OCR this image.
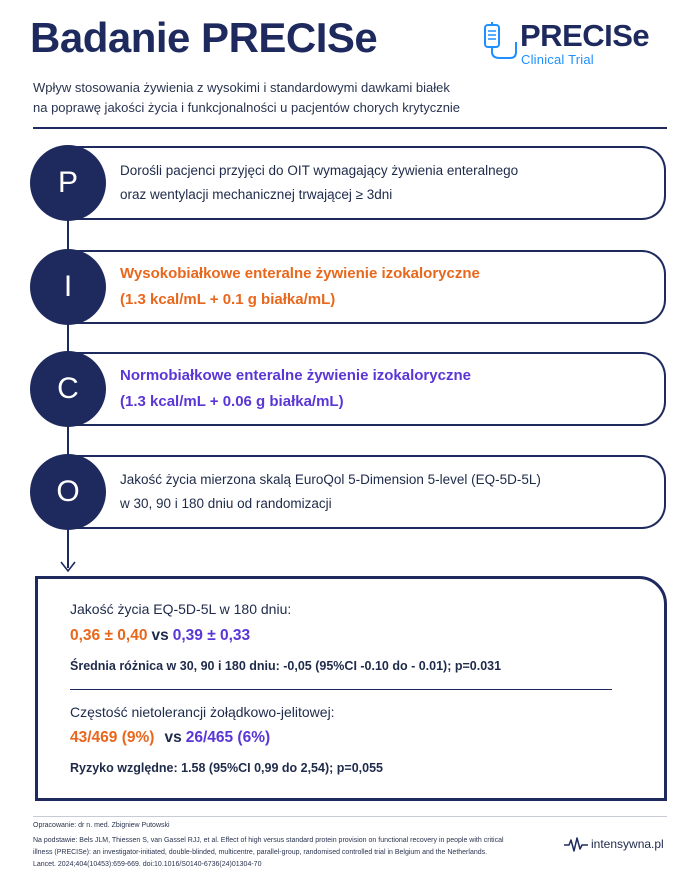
Badanie PRECISe	PRECISe
Clinical Trial
Wpływ stosowania żywienia z wysokimi i standardowymi dawkami białek
na poprawę jakości życia i funkcjonalności u pacjentów chorych krytycznie
Dorośli pacjenci przyjęci do OIT wymagający żywienia enteralnego
oraz wentylacji mechanicznej trwającej ≥ 3dni
P
Wysokobiałkowe enteralne żywienie izokaloryczne
(1.3 kcal/mL + 0.1 g białka/mL)
I
Normobiałkowe enteralne żywienie izokaloryczne
(1.3 kcal/mL + 0.06 g białka/mL)
C
Jakość życia mierzona skalą EuroQol 5-Dimension 5-level (EQ-5D-5L)
w 30, 90 i 180 dniu od randomizacji
O
Jakość życia EQ-5D-5L w 180 dniu:
0,36 ± 0,40 vs 0,39 ± 0,33
Średnia różnica w 30, 90 i 180 dniu: -0,05 (95%CI -0.10 do - 0.01); p=0.031
Częstość nietolerancji żołądkowo-jelitowej:
43/469 (9%) vs 26/465 (6%)
Ryzyko względne: 1.58 (95%CI 0,99 do 2,54); p=0,055
Opracowanie: dr n. med. Zbigniew Putowski
Na podstawie: Bels JLM, Thiessen S, van Gassel RJJ, et al. Effect of high versus standard protein provision on functional recovery in people with critical
illness (PRECISe): an investigator-initiated, double-blinded, multicentre, parallel-group, randomised controlled trial in Belgium and the Netherlands.
Lancet. 2024;404(10453):659-669. doi:10.1016/S0140-6736(24)01304-70
intensywna.pl
